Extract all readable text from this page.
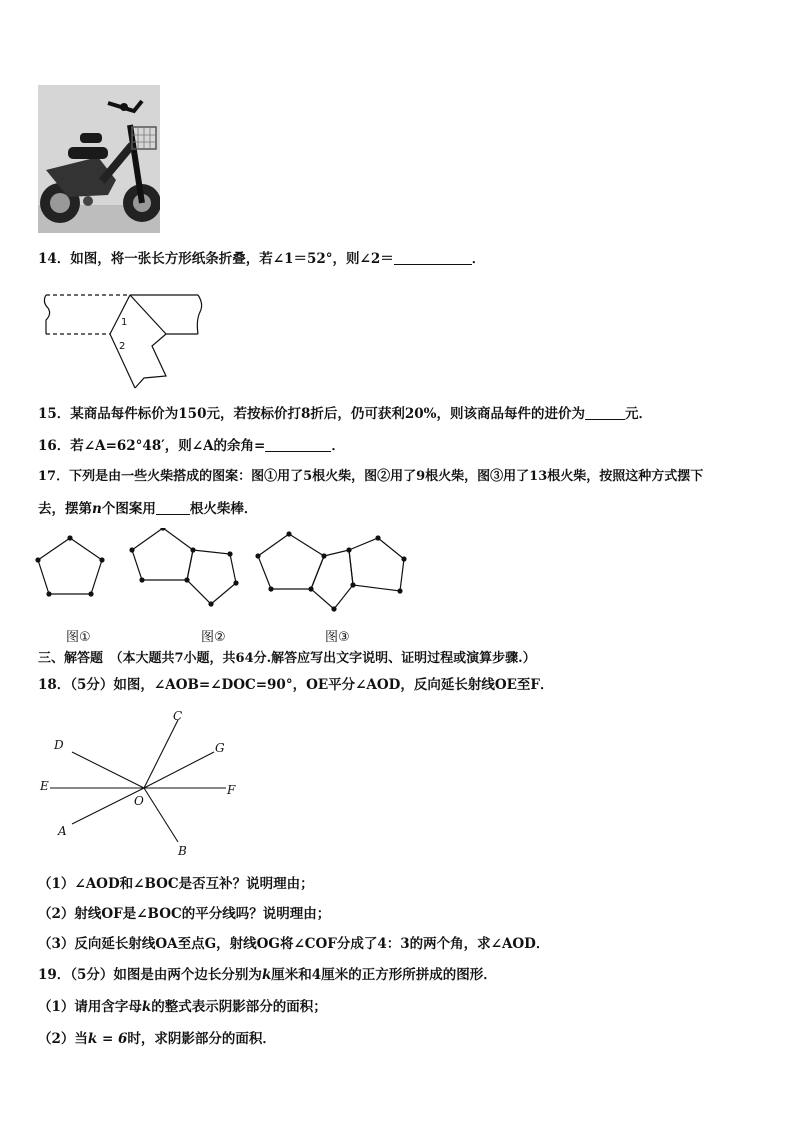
14．如图，将一张长方形纸条折叠，若∠1＝52°，则∠2＝	．
1
2
15．某商品每件标价为150元，若按标价打8折后，仍可获利20%，则该商品每件的进价为	元．
16．若∠A=62°48′，则∠A的余角=	．
17．下列是由一些火柴搭成的图案：图①用了5根火柴，图②用了9根火柴，图③用了13根火柴，按照这种方式摆下
去，摆第n个图案用	根火柴棒．
图①	图②	图③
三、解答题　（本大题共7小题，共64分.解答应写出文字说明、证明过程或演算步骤.）
18．（5分）如图，∠AOB=∠DOC=90°，OE平分∠AOD，反向延长射线OE至F．
C
D	G
E
O
F
A
B
（1）∠AOD和∠BOC是否互补？说明理由；
（2）射线OF是∠BOC的平分线吗？说明理由；
（3）反向延长射线OA至点G，射线OG将∠COF分成了4：3的两个角，求∠AOD．
19．（5分）如图是由两个边长分别为k厘米和4厘米的正方形所拼成的图形．
（1）请用含字母k的整式表示阴影部分的面积；
（2）当k = 6时，求阴影部分的面积．
